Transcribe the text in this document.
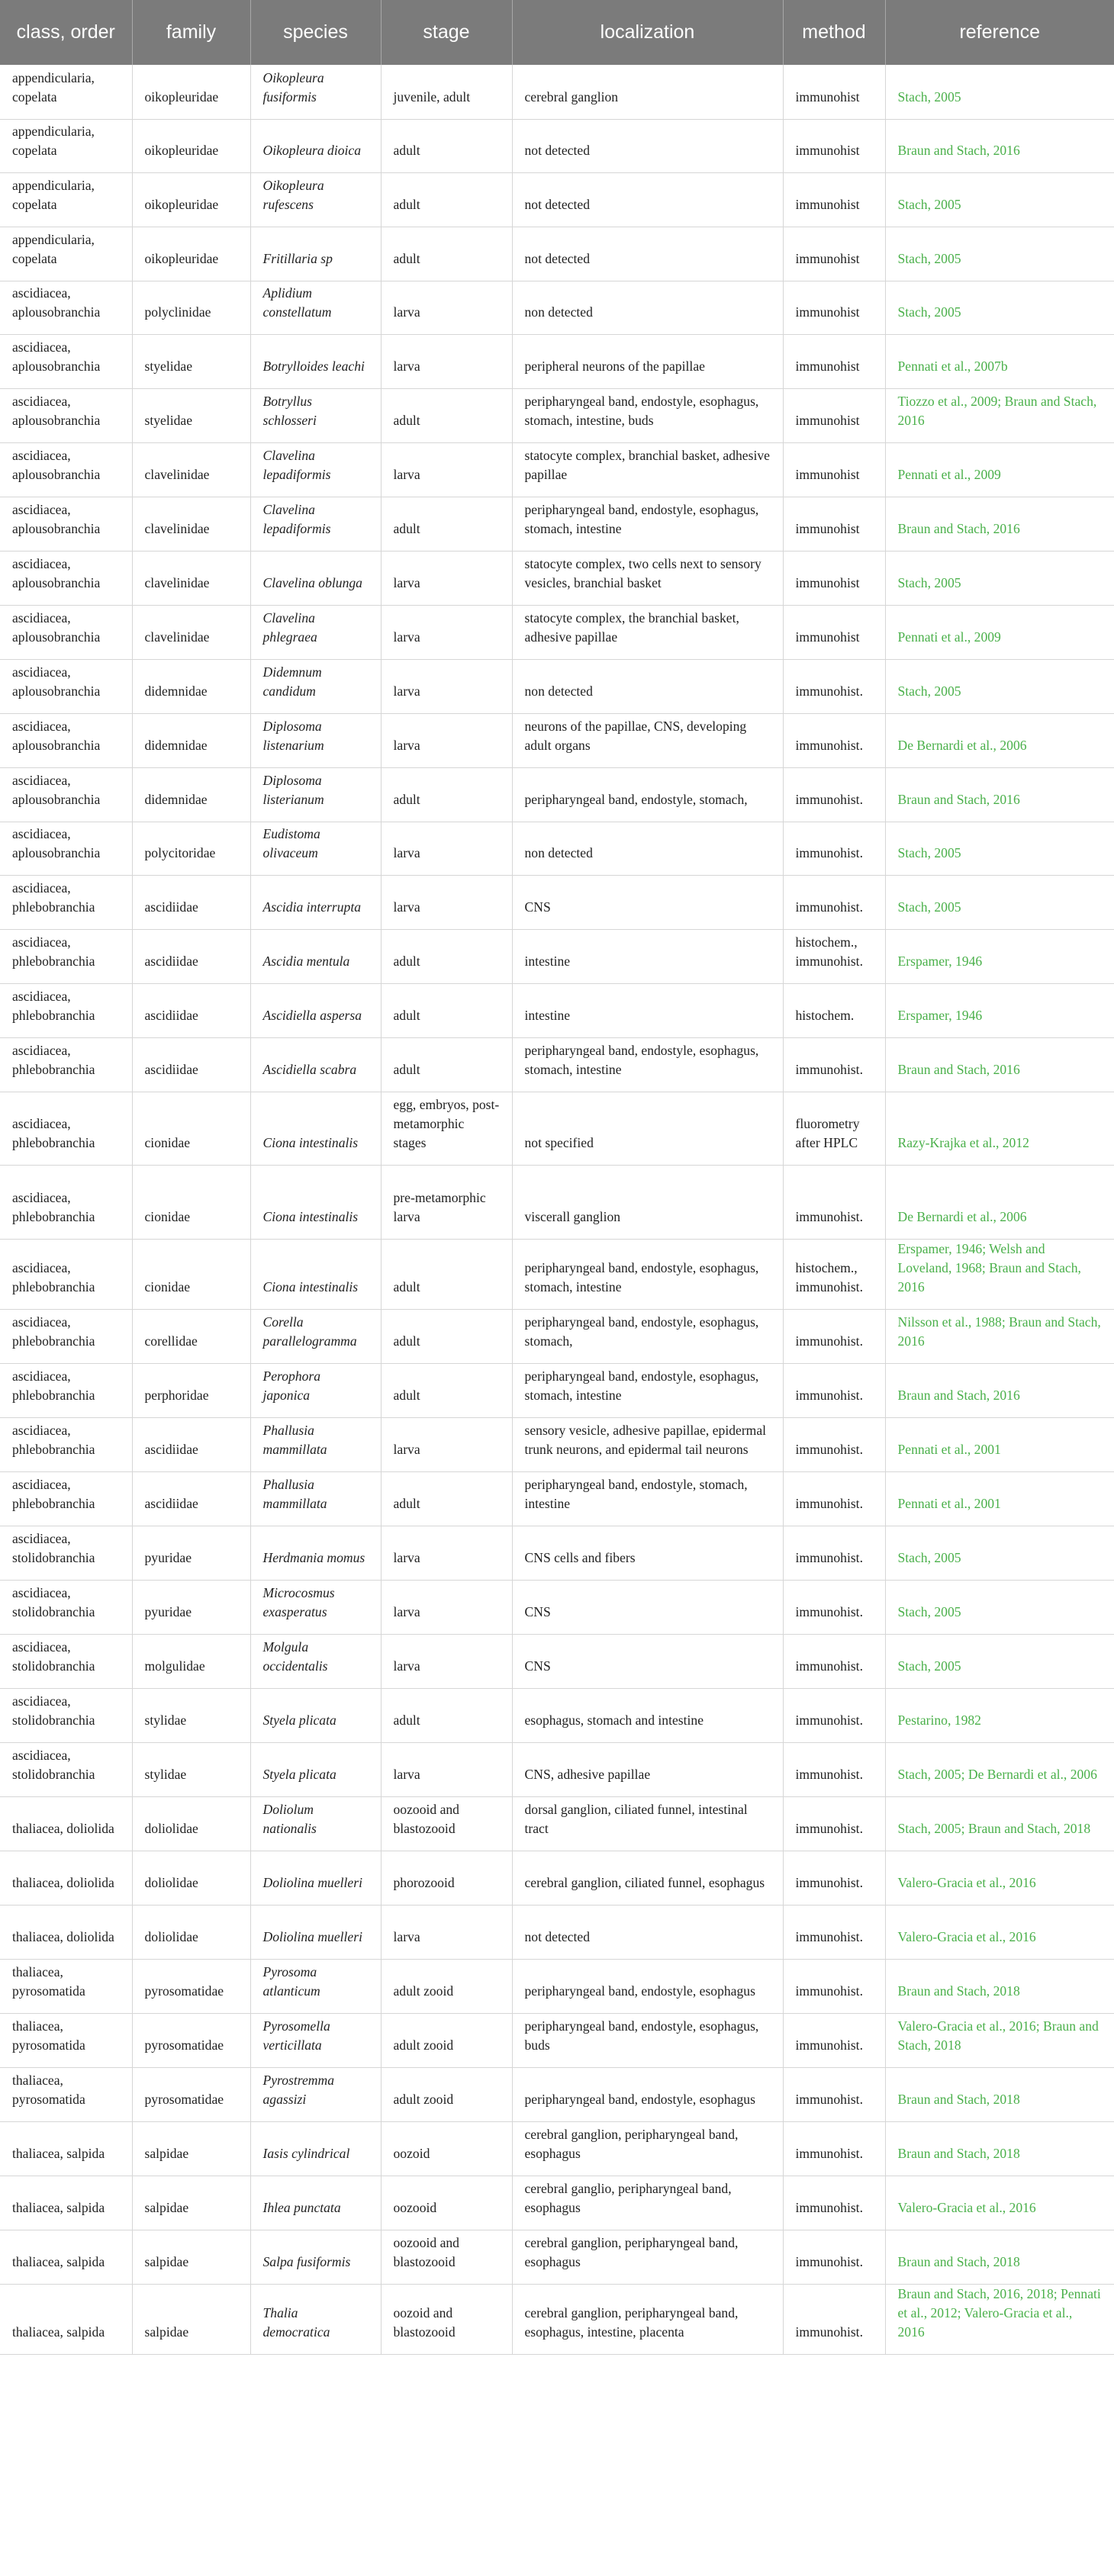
class, order	family	species	stage	localization	method	reference
appendicularia, copelata	oikopleuridae	Oikopleura fusiformis	juvenile, adult	cerebral ganglion	immunohist	Stach, 2005
appendicularia, copelata	oikopleuridae	Oikopleura dioica	adult	not detected	immunohist	Braun and Stach, 2016
appendicularia, copelata	oikopleuridae	Oikopleura rufescens	adult	not detected	immunohist	Stach, 2005
appendicularia, copelata	oikopleuridae	Fritillaria sp	adult	not detected	immunohist	Stach, 2005
ascidiacea, aplousobranchia	polyclinidae	Aplidium constellatum	larva	non detected	immunohist	Stach, 2005
ascidiacea, aplousobranchia	styelidae	Botrylloides leachi	larva	peripheral neurons of the papillae	immunohist	Pennati et al., 2007b
ascidiacea, aplousobranchia	styelidae	Botryllus schlosseri	adult	peripharyngeal band, endostyle, esophagus, stomach, intestine, buds	immunohist	Tiozzo et al., 2009; Braun and Stach, 2016
ascidiacea, aplousobranchia	clavelinidae	Clavelina lepadiformis	larva	statocyte complex, branchial basket, adhesive papillae	immunohist	Pennati et al., 2009
ascidiacea, aplousobranchia	clavelinidae	Clavelina lepadiformis	adult	peripharyngeal band, endostyle, esophagus, stomach, intestine	immunohist	Braun and Stach, 2016
ascidiacea, aplousobranchia	clavelinidae	Clavelina oblunga	larva	statocyte complex, two cells next to sensory vesicles, branchial basket	immunohist	Stach, 2005
ascidiacea, aplousobranchia	clavelinidae	Clavelina phlegraea	larva	statocyte complex, the branchial basket, adhesive papillae	immunohist	Pennati et al., 2009
ascidiacea, aplousobranchia	didemnidae	Didemnum candidum	larva	non detected	immunohist.	Stach, 2005
ascidiacea, aplousobranchia	didemnidae	Diplosoma listenarium	larva	neurons of the papillae, CNS, developing adult organs	immunohist.	De Bernardi et al., 2006
ascidiacea, aplousobranchia	didemnidae	Diplosoma listerianum	adult	peripharyngeal band, endostyle, stomach,	immunohist.	Braun and Stach, 2016
ascidiacea, aplousobranchia	polycitoridae	Eudistoma olivaceum	larva	non detected	immunohist.	Stach, 2005
ascidiacea, phlebobranchia	ascidiidae	Ascidia interrupta	larva	CNS	immunohist.	Stach, 2005
ascidiacea, phlebobranchia	ascidiidae	Ascidia mentula	adult	intestine	histochem., immunohist.	Erspamer, 1946
ascidiacea, phlebobranchia	ascidiidae	Ascidiella aspersa	adult	intestine	histochem.	Erspamer, 1946
ascidiacea, phlebobranchia	ascidiidae	Ascidiella scabra	adult	peripharyngeal band, endostyle, esophagus, stomach, intestine	immunohist.	Braun and Stach, 2016
ascidiacea, phlebobranchia	cionidae	Ciona intestinalis	egg, embryos, post-metamorphic stages	not specified	fluorometry after HPLC	Razy-Krajka et al., 2012
ascidiacea, phlebobranchia	cionidae	Ciona intestinalis	pre-metamorphic larva	viscerall ganglion	immunohist.	De Bernardi et al., 2006
ascidiacea, phlebobranchia	cionidae	Ciona intestinalis	adult	peripharyngeal band, endostyle, esophagus, stomach, intestine	histochem., immunohist.	Erspamer, 1946; Welsh and Loveland, 1968; Braun and Stach, 2016
ascidiacea, phlebobranchia	corellidae	Corella parallelogramma	adult	peripharyngeal band, endostyle, esophagus, stomach,	immunohist.	Nilsson et al., 1988; Braun and Stach, 2016
ascidiacea, phlebobranchia	perphoridae	Perophora japonica	adult	peripharyngeal band, endostyle, esophagus, stomach, intestine	immunohist.	Braun and Stach, 2016
ascidiacea, phlebobranchia	ascidiidae	Phallusia mammillata	larva	sensory vesicle, adhesive papillae, epidermal trunk neurons, and epidermal tail neurons	immunohist.	Pennati et al., 2001
ascidiacea, phlebobranchia	ascidiidae	Phallusia mammillata	adult	peripharyngeal band, endostyle, stomach, intestine	immunohist.	Pennati et al., 2001
ascidiacea, stolidobranchia	pyuridae	Herdmania momus	larva	CNS cells and fibers	immunohist.	Stach, 2005
ascidiacea, stolidobranchia	pyuridae	Microcosmus exasperatus	larva	CNS	immunohist.	Stach, 2005
ascidiacea, stolidobranchia	molgulidae	Molgula occidentalis	larva	CNS	immunohist.	Stach, 2005
ascidiacea, stolidobranchia	stylidae	Styela plicata	adult	esophagus, stomach and intestine	immunohist.	Pestarino, 1982
ascidiacea, stolidobranchia	stylidae	Styela plicata	larva	CNS, adhesive papillae	immunohist.	Stach, 2005; De Bernardi et al., 2006
thaliacea, doliolida	doliolidae	Doliolum nationalis	oozooid and blastozooid	dorsal ganglion, ciliated funnel, intestinal tract	immunohist.	Stach, 2005; Braun and Stach, 2018
thaliacea, doliolida	doliolidae	Doliolina muelleri	phorozooid	cerebral ganglion, ciliated funnel, esophagus	immunohist.	Valero-Gracia et al., 2016
thaliacea, doliolida	doliolidae	Doliolina muelleri	larva	not detected	immunohist.	Valero-Gracia et al., 2016
thaliacea, pyrosomatida	pyrosomatidae	Pyrosoma atlanticum	adult zooid	peripharyngeal band, endostyle, esophagus	immunohist.	Braun and Stach, 2018
thaliacea, pyrosomatida	pyrosomatidae	Pyrosomella verticillata	adult zooid	peripharyngeal band, endostyle, esophagus, buds	immunohist.	Valero-Gracia et al., 2016; Braun and Stach, 2018
thaliacea, pyrosomatida	pyrosomatidae	Pyrostremma agassizi	adult zooid	peripharyngeal band, endostyle, esophagus	immunohist.	Braun and Stach, 2018
thaliacea, salpida	salpidae	Iasis cylindrical	oozoid	cerebral ganglion, peripharyngeal band, esophagus	immunohist.	Braun and Stach, 2018
thaliacea, salpida	salpidae	Ihlea punctata	oozooid	cerebral ganglio, peripharyngeal band, esophagus	immunohist.	Valero-Gracia et al., 2016
thaliacea, salpida	salpidae	Salpa fusiformis	oozooid and blastozooid	cerebral ganglion, peripharyngeal band, esophagus	immunohist.	Braun and Stach, 2018
thaliacea, salpida	salpidae	Thalia democratica	oozoid and blastozooid	cerebral ganglion, peripharyngeal band, esophagus, intestine, placenta	immunohist.	Braun and Stach, 2016, 2018; Pennati et al., 2012; Valero-Gracia et al., 2016
